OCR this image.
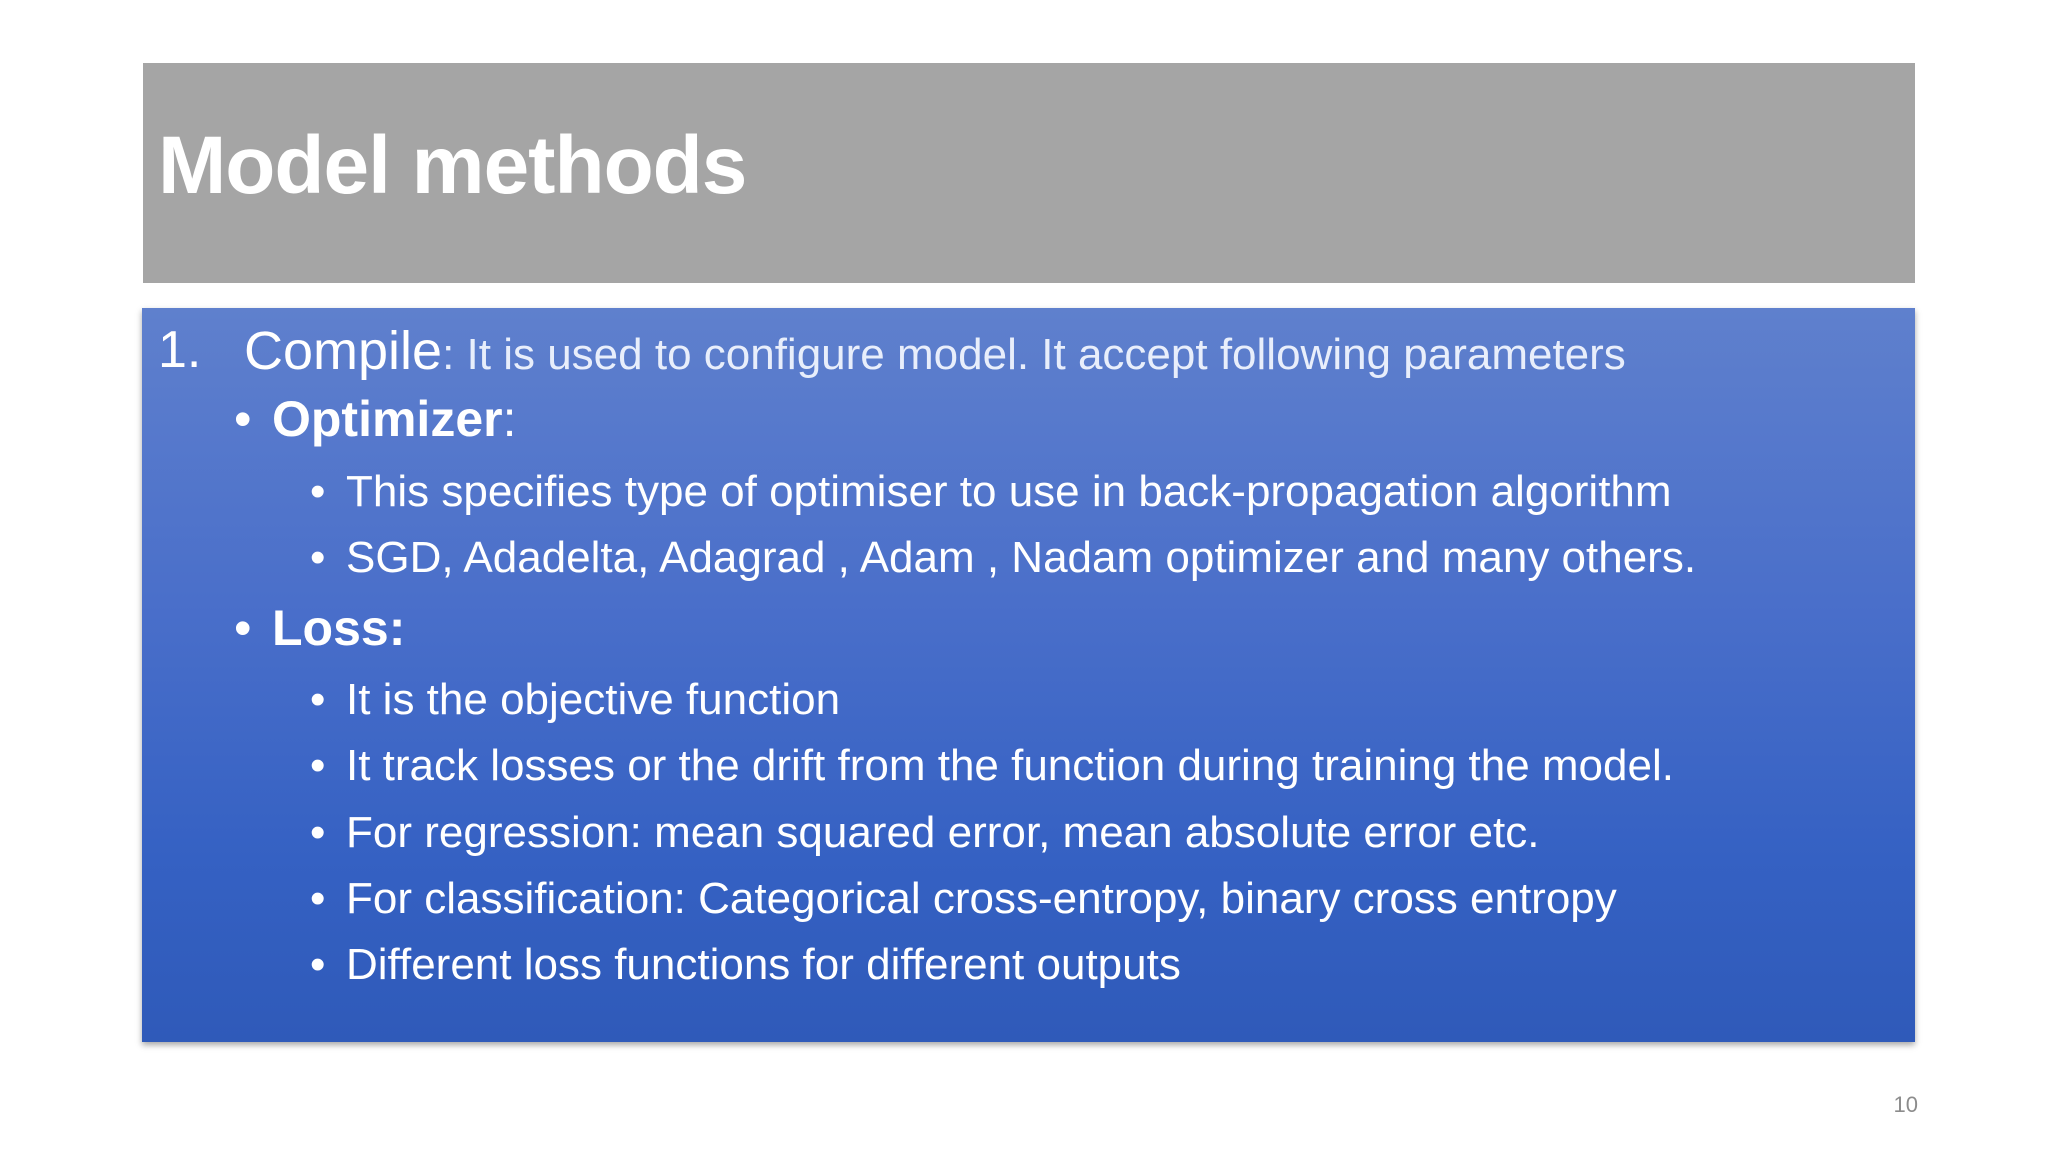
Model methods
1. Compile: It is used to configure model. It accept following parameters
• Optimizer:
• This specifies type of optimiser to use in back-propagation algorithm
• SGD, Adadelta, Adagrad , Adam , Nadam optimizer and many others.
• Loss:
• It is the objective function
• It track losses or the drift from the function during training the model.
• For regression: mean squared error, mean absolute error etc.
• For classification: Categorical cross-entropy, binary cross entropy
• Different loss functions for different outputs
10
